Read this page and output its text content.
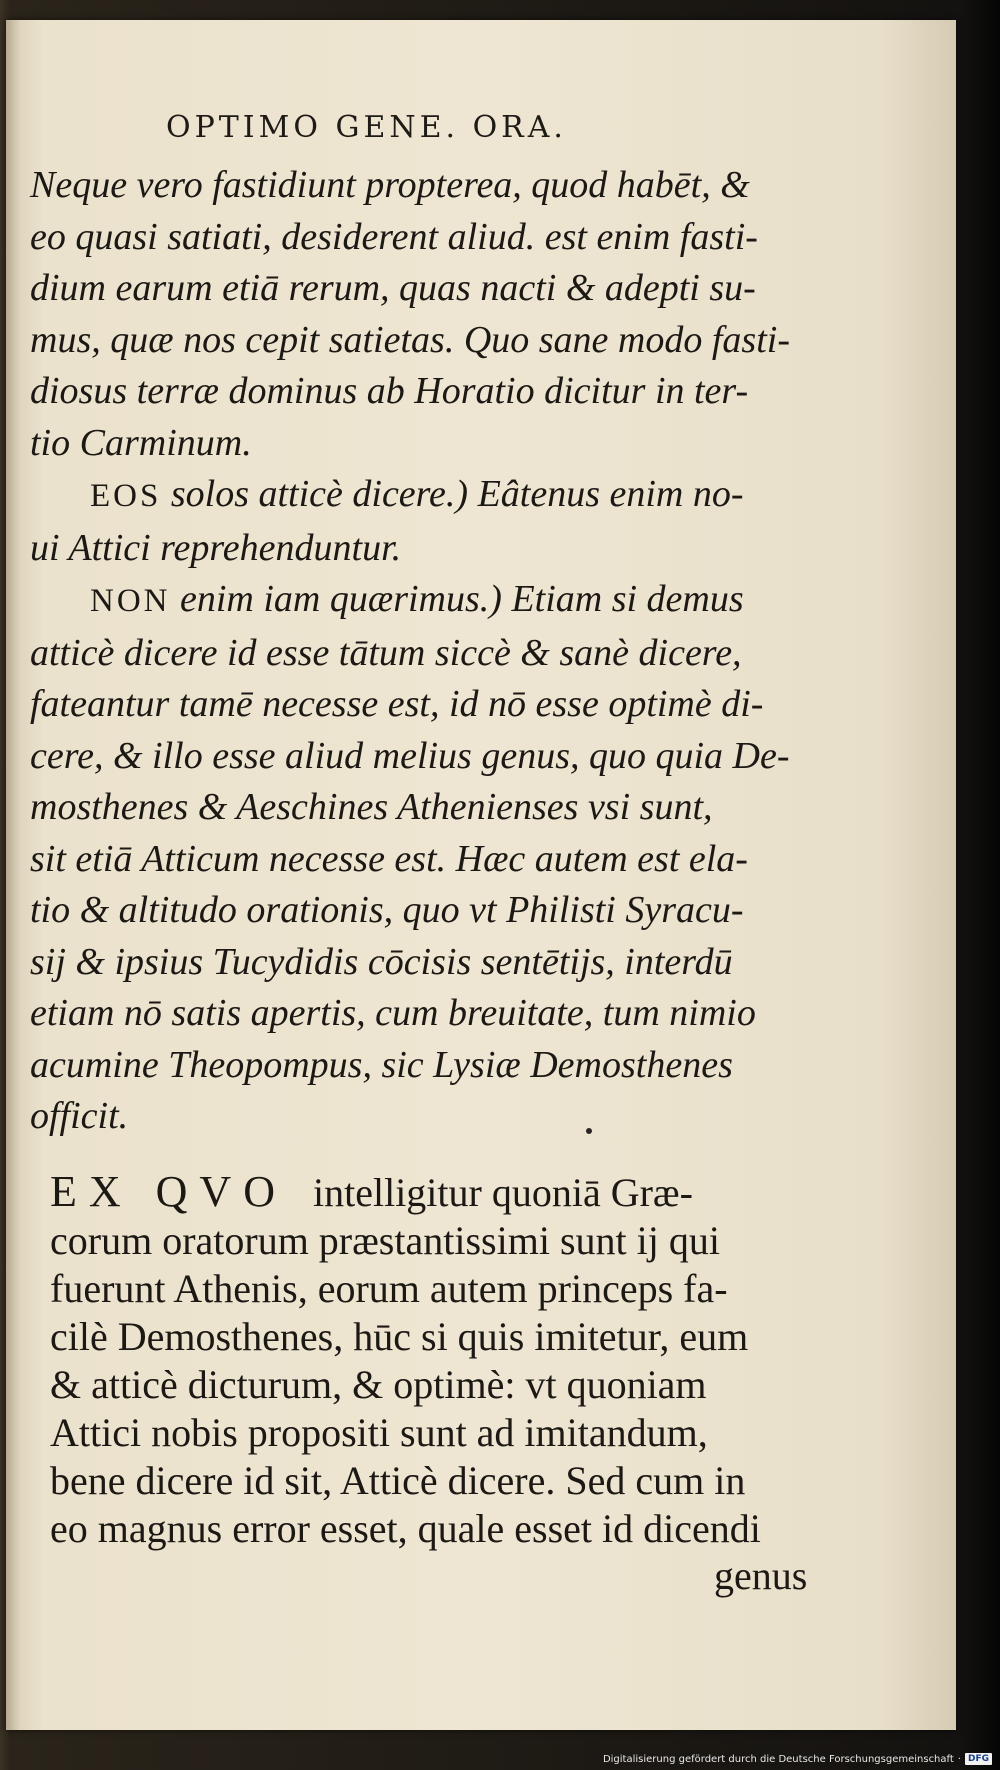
OPTIMO GENE. ORA.
Neque vero fastidiunt propterea, quod habēt, &
eo quasi satiati, desiderent aliud. est enim fasti-
dium earum etiā rerum, quas nacti & adepti su-
mus, quæ nos cepit satietas. Quo sane modo fasti-
diosus terræ dominus ab Horatio dicitur in ter-
tio Carminum.
EOS solos atticè dicere.) Eâtenus enim no-
ui Attici reprehenduntur.
NON enim iam quærimus.) Etiam si demus
atticè dicere id esse tātum siccè & sanè dicere,
fateantur tamē necesse est, id nō esse optimè di-
cere, & illo esse aliud melius genus, quo quia De-
mosthenes & Aeschines Athenienses vsi sunt,
sit etiā Atticum necesse est. Hæc autem est ela-
tio & altitudo orationis, quo vt Philisti Syracu-
sij & ipsius Tucydidis cōcisis sentētijs, interdū
etiam nō satis apertis, cum breuitate, tum nimio
acumine Theopompus, sic Lysiæ Demosthenes
officit.
EX QVO intelligitur quoniā Græ-
corum oratorum præstantissimi sunt ij qui
fuerunt Athenis, eorum autem princeps fa-
cilè Demosthenes, hūc si quis imitetur, eum
& atticè dicturum, & optimè: vt quoniam
Attici nobis propositi sunt ad imitandum,
bene dicere id sit, Atticè dicere. Sed cum in
eo magnus error esset, quale esset id dicendi
genus
Digitalisierung gefördert durch die Deutsche Forschungsgemeinschaft · DFG
